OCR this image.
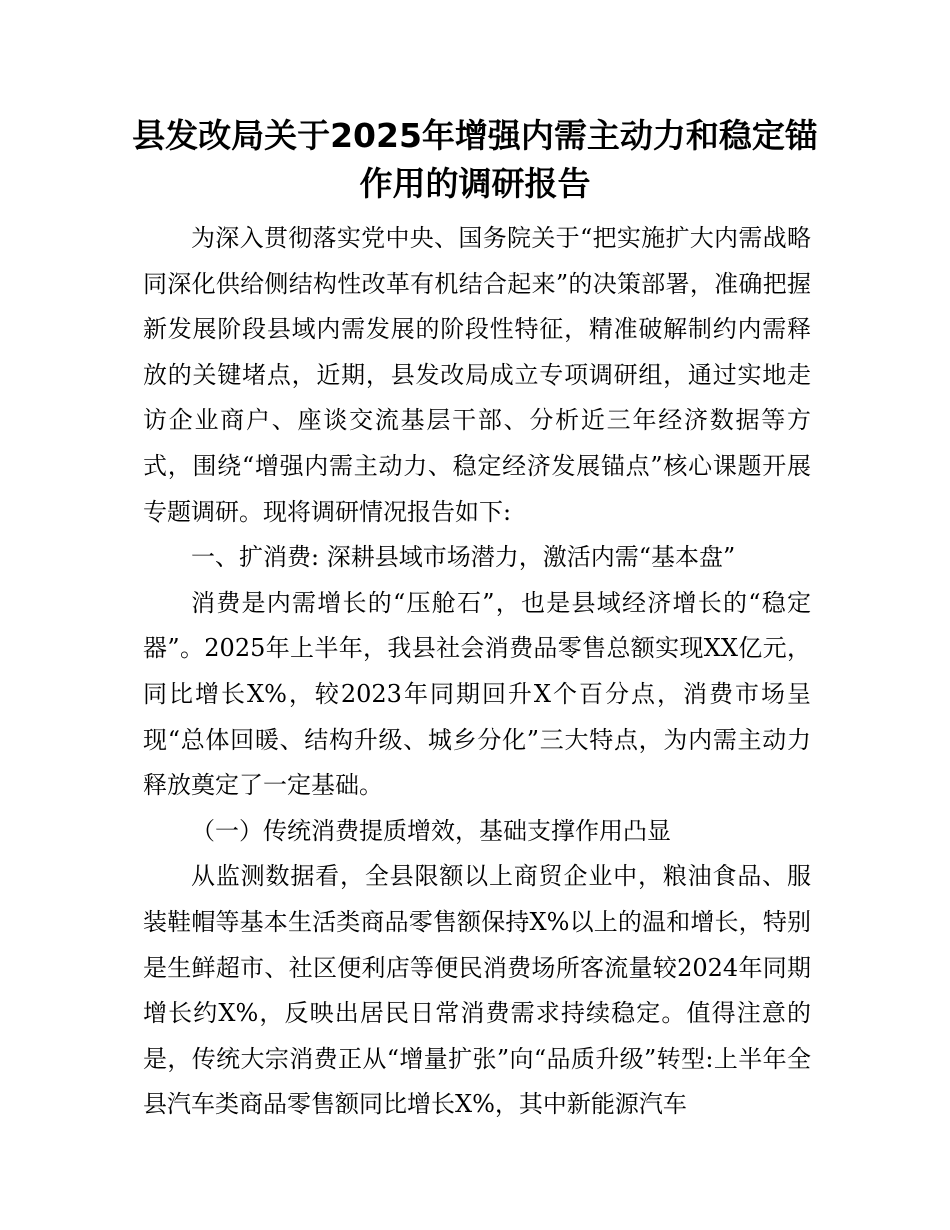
县发改局关于2025年增强内需主动力和稳定锚作用的调研报告

为深入贯彻落实党中央、国务院关于“把实施扩大内需战略同深化供给侧结构性改革有机结合起来”的决策部署，准确把握新发展阶段县域内需发展的阶段性特征，精准破解制约内需释放的关键堵点，近期，县发改局成立专项调研组，通过实地走访企业商户、座谈交流基层干部、分析近三年经济数据等方式，围绕“增强内需主动力、稳定经济发展锚点”核心课题开展专题调研。现将调研情况报告如下:

一、扩消费: 深耕县域市场潜力，激活内需“基本盘”

消费是内需增长的“压舱石”，也是县域经济增长的“稳定器”。2025年上半年，我县社会消费品零售总额实现XX亿元，同比增长X%，较2023年同期回升X个百分点，消费市场呈现“总体回暖、结构升级、城乡分化”三大特点，为内需主动力释放奠定了一定基础。

（一）传统消费提质增效，基础支撑作用凸显

从监测数据看，全县限额以上商贸企业中，粮油食品、服装鞋帽等基本生活类商品零售额保持X%以上的温和增长，特别是生鲜超市、社区便利店等便民消费场所客流量较2024年同期增长约X%，反映出居民日常消费需求持续稳定。值得注意的是，传统大宗消费正从“增量扩张”向“品质升级”转型:上半年全县汽车类商品零售额同比增长X%，其中新能源汽车
